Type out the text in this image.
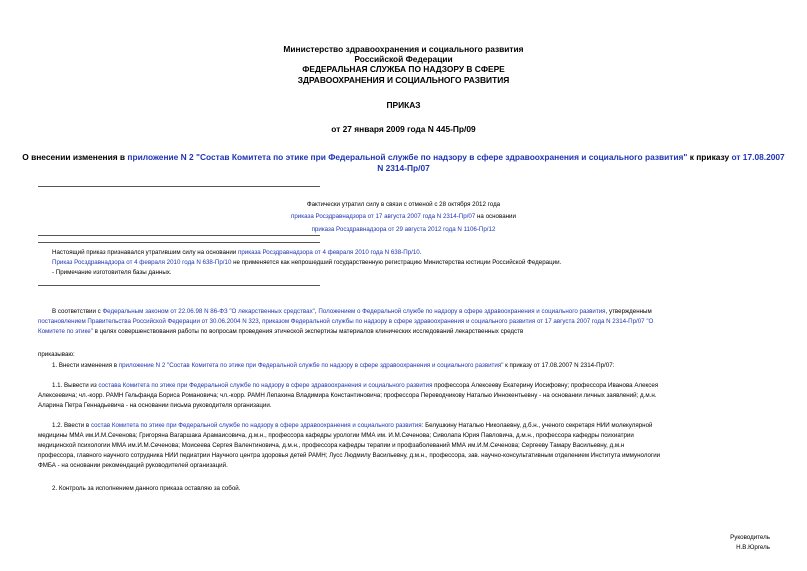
Министерство здравоохранения и социального развития
Российской Федерации
ФЕДЕРАЛЬНАЯ СЛУЖБА ПО НАДЗОРУ В СФЕРЕ
ЗДРАВООХРАНЕНИЯ И СОЦИАЛЬНОГО РАЗВИТИЯ
ПРИКАЗ
от 27 января 2009 года N 445-Пр/09
О внесении изменения в приложение N 2 "Состав Комитета по этике при Федеральной службе по надзору в сфере здравоохранения и социального развития" к приказу от 17.08.2007 N 2314-Пр/07
Фактически утратил силу в связи с отменой с 28 октября 2012 года
приказа Росздравнадзора от 17 августа 2007 года N 2314-Пр/07 на основании
приказа Росздравнадзора от 29 августа 2012 года N 1106-Пр/12
Настоящий приказ признавался утратившим силу на основании приказа Росздравнадзора от 4 февраля 2010 года N 638-Пр/10.
Приказ Росздравнадзора от 4 февраля 2010 года N 638-Пр/10 не применяется как непрошедший государственную регистрацию Министерства юстиции Российской Федерации.
- Примечание изготовителя базы данных.
В соответствии с Федеральным законом от 22.06.98 N 86-ФЗ "О лекарственных средствах", Положением о Федеральной службе по надзору в сфере здравоохранения и социального развития, утвержденным
постановлением Правительства Российской Федерации от 30.06.2004 N 323, приказом Федеральной службы по надзору в сфере здравоохранения и социального развития от 17 августа 2007 года N 2314-Пр/07 "О
Комитете по этике" в целях совершенствования работы по вопросам проведения этической экспертизы материалов клинических исследований лекарственных средств
приказываю:
1. Внести изменения в приложение N 2 "Состав Комитета по этике при Федеральной службе по надзору в сфере здравоохранения и социального развития" к приказу от 17.08.2007 N 2314-Пр/07:
1.1. Вывести из состава Комитета по этике при Федеральной службе по надзору в сфере здравоохранения и социального развития профессора Алексееву Екатерину Иосифовну; профессора Иванова Алексея
Алексеевича; чл.-корр. РАМН Гельфанда Бориса Романовича; чл.-корр. РАМН Лепахина Владимира Константиновича; профессора Переводчикову Наталью Иннокентьевну - на основании личных заявлений; д.м.н.
Аларина Петра Геннадьевича - на основании письма руководителя организации.
1.2. Ввести в состав Комитета по этике при Федеральной службе по надзору в сфере здравоохранения и социального развития: Белушкину Наталью Николаевну, д.б.н., ученого секретаря НИИ молекулярной
медицины ММА им.И.М.Сеченова; Григоряна Вагаршака Арамаисовича, д.м.н., профессора кафедры урологии ММА им. И.М.Сеченова; Сиволапа Юрия Павловича, д.м.н., профессора кафедры психиатрии
медицинской психологии ММА им.И.М.Сеченова; Моисеева Сергея Валентиновича, д.м.н., профессора кафедры терапии и профзаболеваний ММА им.И.М.Сеченова; Сергееву Тамару Васильевну, д.м.н
профессора, главного научного сотрудника НИИ педиатрии Научного центра здоровья детей РАМН; Лусс Людмилу Васильевну, д.м.н., профессора, зав. научно-консультативным отделением Института иммунологии
ФМБА - на основании рекомендаций руководителей организаций.
2. Контроль за исполнением данного приказа оставляю за собой.
Руководитель
Н.В.Юргель
